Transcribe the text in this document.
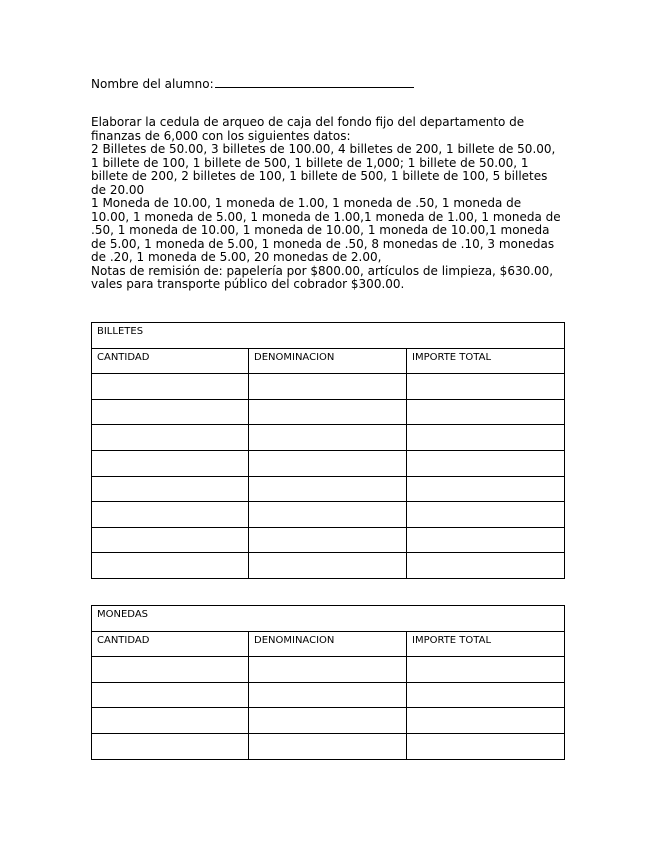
Nombre del alumno:

Elaborar la cedula de arqueo de caja del fondo fijo del departamento de finanzas de 6,000 con los siguientes datos:

2 Billetes de 50.00, 3 billetes de 100.00, 4 billetes de 200, 1 billete de 50.00, 1 billete de 100, 1 billete de 500, 1 billete de 1,000; 1 billete de 50.00, 1 billete de 200, 2 billetes de 100, 1 billete de 500, 1 billete de 100, 5 billetes de 20.00

1 Moneda de 10.00, 1 moneda de 1.00, 1 moneda de .50, 1 moneda de 10.00, 1 moneda de 5.00, 1 moneda de 1.00,1 moneda de 1.00, 1 moneda de .50, 1 moneda de 10.00, 1 moneda de 10.00, 1 moneda de 10.00,1 moneda de 5.00, 1 moneda de 5.00, 1 moneda de .50, 8 monedas de .10, 3 monedas de .20, 1 moneda de 5.00, 20 monedas de 2.00,

Notas de remisión de: papelería por $800.00, artículos de limpieza, $630.00, vales para transporte público del cobrador $300.00.

BILLETES		
CANTIDAD	DENOMINACION	IMPORTE TOTAL

MONEDAS		
CANTIDAD	DENOMINACION	IMPORTE TOTAL
